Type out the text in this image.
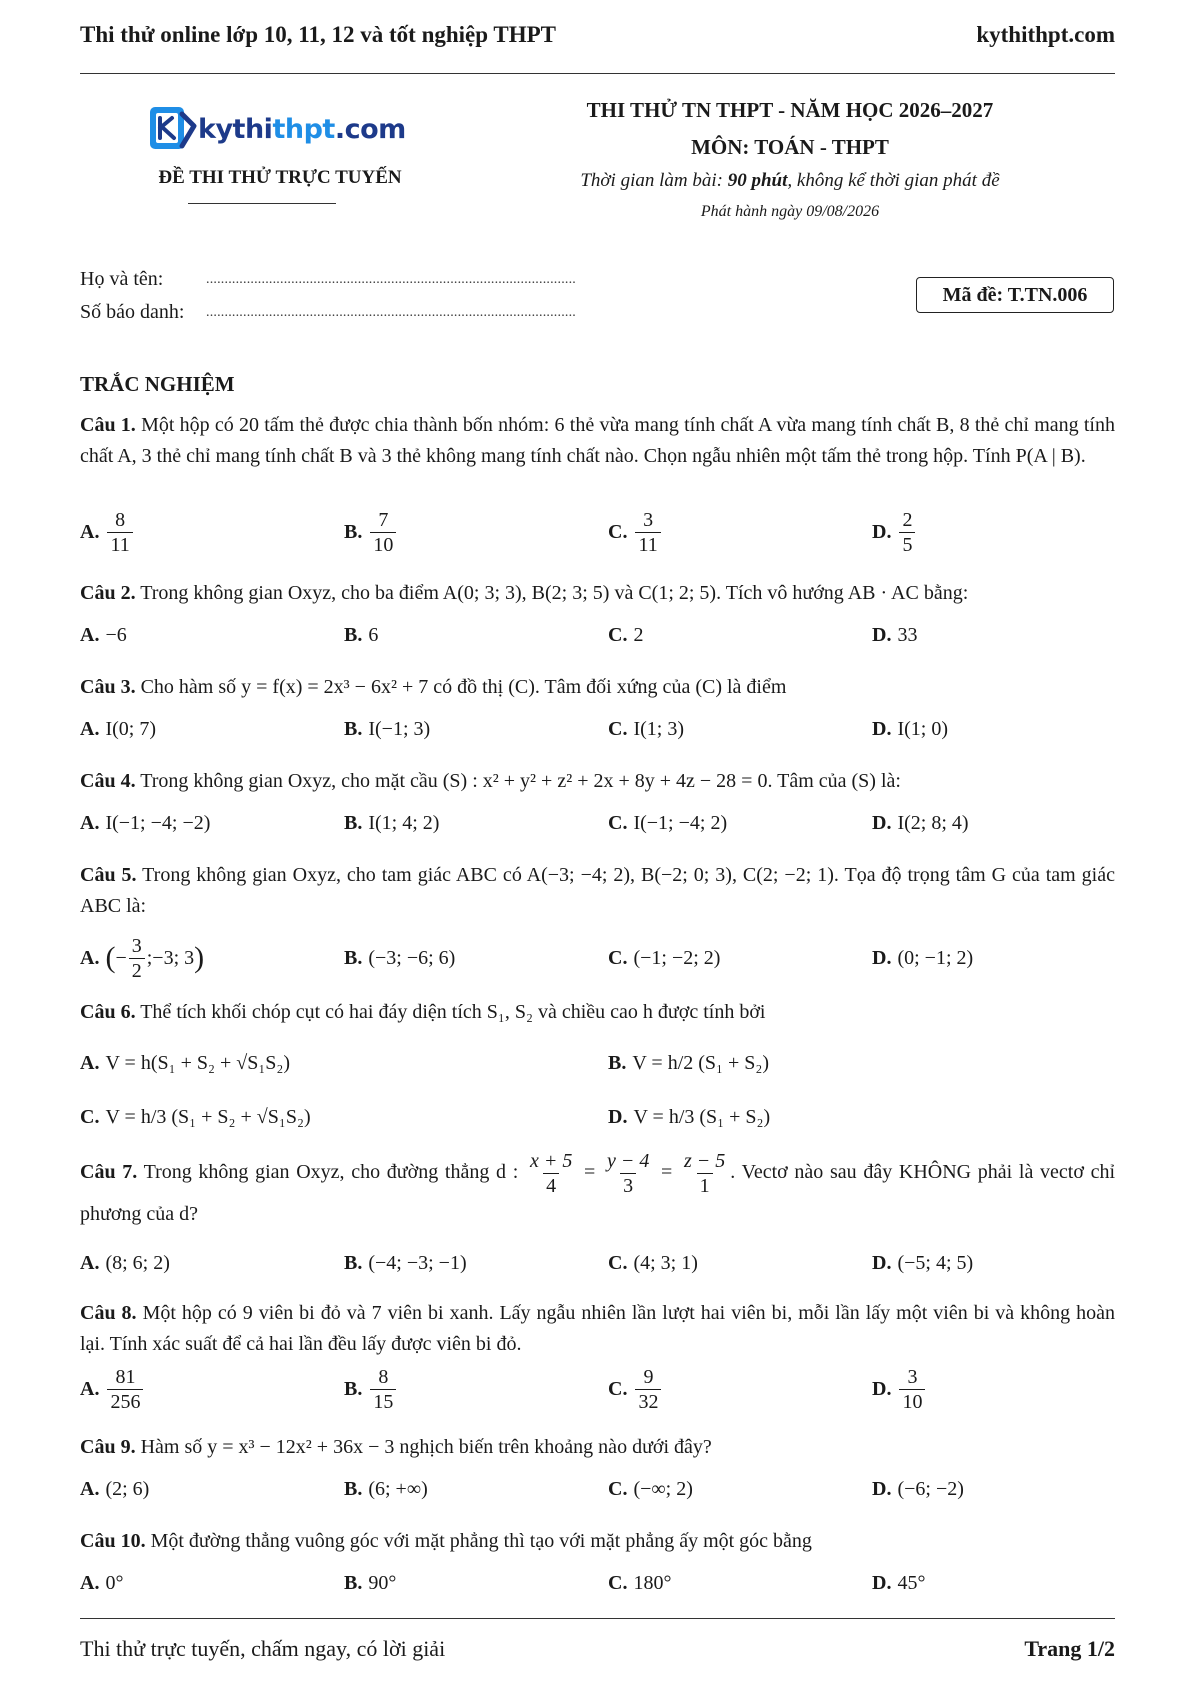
Thi thử online lớp 10, 11, 12 và tốt nghiệp THPT	kythithpt.com
kythithpt.com
ĐỀ THI THỬ TRỰC TUYẾN
THI THỬ TN THPT - NĂM HỌC 2026–2027
MÔN: TOÁN - THPT
Thời gian làm bài: 90 phút, không kể thời gian phát đề
Phát hành ngày 09/08/2026
Họ và tên:	....................................................................................................
Số báo danh: ....................................................................................................
Mã đề: T.TN.006
TRẮC NGHIỆM
Câu 1. Một hộp có 20 tấm thẻ được chia thành bốn nhóm: 6 thẻ vừa mang tính chất A vừa mang tính chất B, 8 thẻ chỉ mang tính chất A, 3 thẻ chỉ mang tính chất B và 3 thẻ không mang tính chất nào. Chọn ngẫu nhiên một tấm thẻ trong hộp. Tính P(A | B).
A. $\frac{8}{11}$	B. $\frac{7}{10}$	C. $\frac{3}{11}$	D. $\frac{2}{5}$
Câu 2. Trong không gian Oxyz, cho ba điểm A(0; 3; 3), B(2; 3; 5) và C(1; 2; 5). Tích vô hướng AB · AC bằng:
A. −6	B. 6	C. 2	D. 33
Câu 3. Cho hàm số y = f(x) = 2x³ − 6x² + 7 có đồ thị (C). Tâm đối xứng của (C) là điểm
A. I(0; 7)	B. I(−1; 3)	C. I(1; 3)	D. I(1; 0)
Câu 4. Trong không gian Oxyz, cho mặt cầu (S) : x² + y² + z² + 2x + 8y + 4z − 28 = 0. Tâm của (S) là:
A. I(−1; −4; −2)	B. I(1; 4; 2)	C. I(−1; −4; 2)	D. I(2; 8; 4)
Câu 5. Trong không gian Oxyz, cho tam giác ABC có A(−3; −4; 2), B(−2; 0; 3), C(2; −2; 1). Tọa độ trọng tâm G của tam giác ABC là:
A. ( − $\frac{3}{2}$ ; −3; 3 )	B. (−3; −6; 6)	C. (−1; −2; 2)	D. (0; −1; 2)
Câu 6. Thể tích khối chóp cụt có hai đáy diện tích S₁, S₂ và chiều cao h được tính bởi
A. V = h(S₁ + S₂ + √S₁S₂)	B. V = h/2 (S₁ + S₂)
C. V = h/3 (S₁ + S₂ + √S₁S₂)	D. V = h/3 (S₁ + S₂)
Câu 7. Trong không gian Oxyz, cho đường thẳng d : $\frac{x + 5}{4} = \frac{y - 4}{3} = \frac{z - 5}{1}$ . Vectơ nào sau đây KHÔNG phải là vectơ chỉ phương của d?
A. (8; 6; 2)	B. (−4; −3; −1)	C. (4; 3; 1)	D. (−5; 4; 5)
Câu 8. Một hộp có 9 viên bi đỏ và 7 viên bi xanh. Lấy ngẫu nhiên lần lượt hai viên bi, mỗi lần lấy một viên bi và không hoàn lại. Tính xác suất để cả hai lần đều lấy được viên bi đỏ.
A. $\frac{81}{256}$	B. $\frac{8}{15}$	C. $\frac{9}{32}$	D. $\frac{3}{10}$
Câu 9. Hàm số y = x³ − 12x² + 36x − 3 nghịch biến trên khoảng nào dưới đây?
A. (2; 6)	B. (6; +∞)	C. (−∞; 2)	D. (−6; −2)
Câu 10. Một đường thẳng vuông góc với mặt phẳng thì tạo với mặt phẳng ấy một góc bằng
A. 0°	B. 90°	C. 180°	D. 45°
Thi thử trực tuyến, chấm ngay, có lời giải	Trang 1/2
